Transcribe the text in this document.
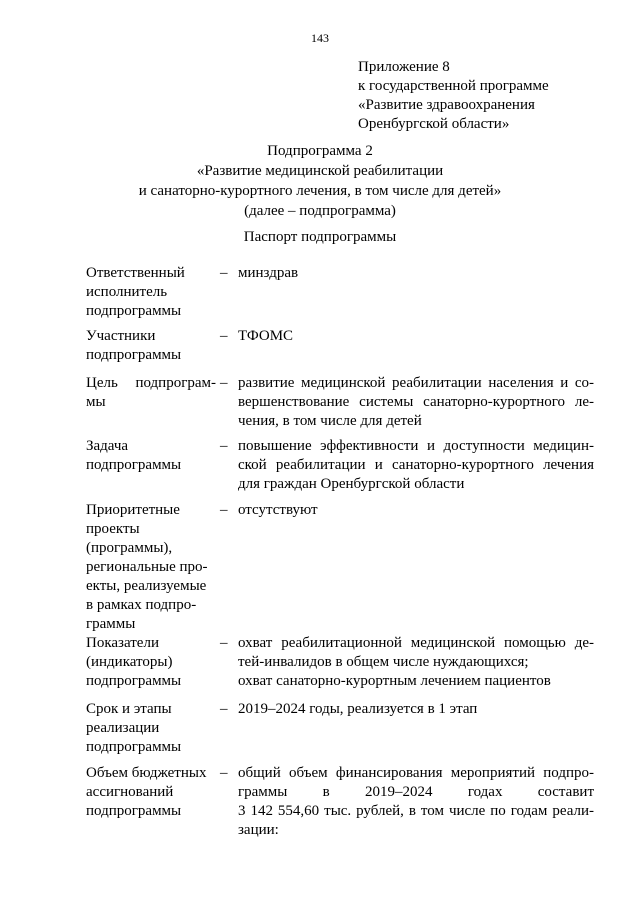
143
Приложение 8
к государственной программе
«Развитие здравоохранения
Оренбургской области»
Подпрограмма 2
«Развитие медицинской реабилитации
и санаторно-курортного лечения, в том числе для детей»
(далее – подпрограмма)
Паспорт подпрограммы
Ответственный
исполнитель
подпрограммы
– минздрав
Участники
подпрограммы
– ТФОМС
Цель подпрограм-
мы
– развитие медицинской реабилитации населения и со-
вершенствование системы санаторно-курортного ле-
чения, в том числе для детей
Задача
подпрограммы
– повышение эффективности и доступности медицин-
ской реабилитации и санаторно-курортного лечения
для граждан Оренбургской области
Приоритетные
проекты
(программы),
региональные про-
екты, реализуемые
в рамках подпро-
граммы
– отсутствуют
Показатели
(индикаторы)
подпрограммы
– охват реабилитационной медицинской помощью де-
тей-инвалидов в общем числе нуждающихся;
охват санаторно-курортным лечением пациентов
Срок и этапы
реализации
подпрограммы
– 2019–2024 годы, реализуется в 1 этап
Объем бюджетных
ассигнований
подпрограммы
– общий объем финансирования мероприятий подпро-
граммы в 2019–2024 годах составит
3 142 554,60 тыс. рублей, в том числе по годам реали-
зации:
